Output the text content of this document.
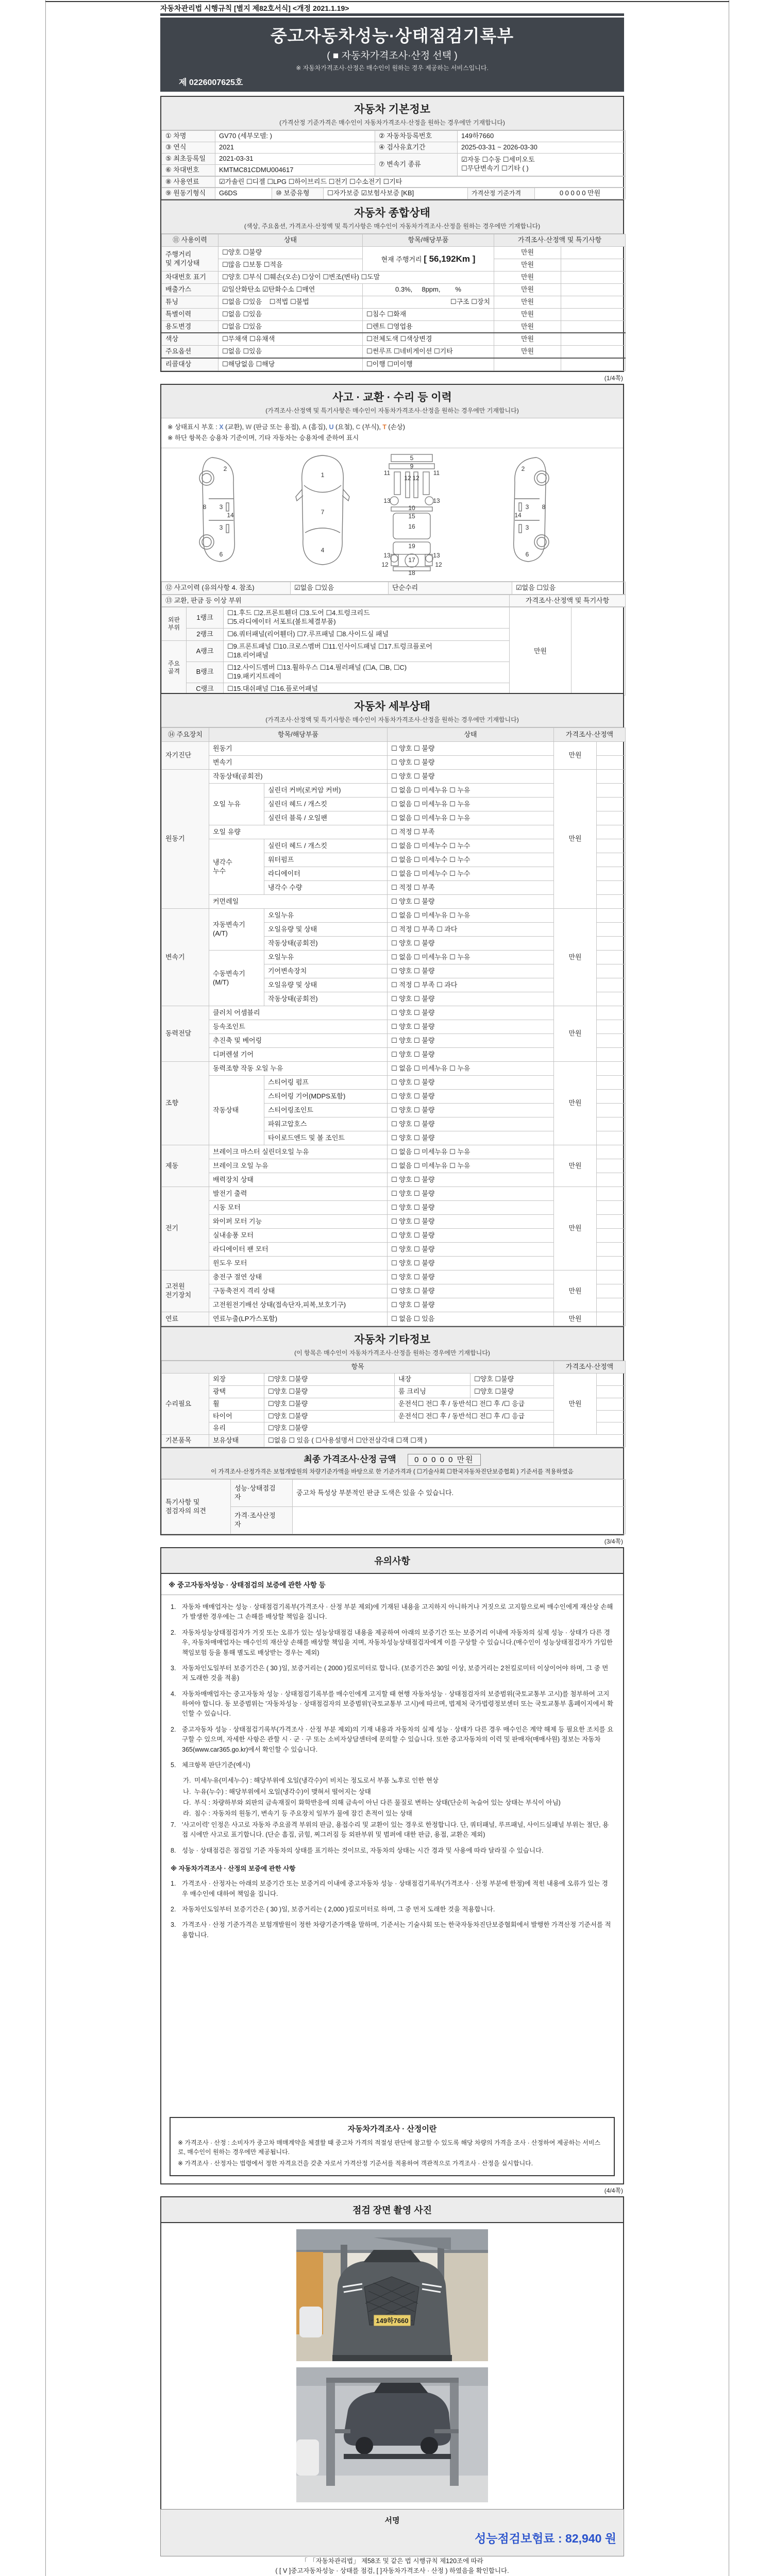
자동차관리법 시행규칙 [별지 제82호서식] <개정 2021.1.19>
중고자동차성능·상태점검기록부
( ■ 자동차가격조사·산정 선택 )
※ 자동차가격조사·산정은 매수인이 원하는 경우 제공하는 서비스입니다.
제 0226007625호
자동차 기본정보
(가격산정 기준가격은 매수인이 자동차가격조사·산정을 원하는 경우에만 기재합니다)
① 차명	GV70 (세부모델: )	② 자동차등록번호	149하7660
③ 연식	2021	④ 검사유효기간	2025-03-31 ~ 2026-03-30
⑤ 최초등록일	2021-03-31	⑦ 변속기 종류	☑자동 ☐수동 ☐세미오토
☐무단변속기 ☐기타 ( )
⑥ 차대번호	KMTMC81CDMU004617		
⑧ 사용연료	☑가솔린 ☐디젤 ☐LPG ☐하이브리드 ☐전기 ☐수소전기 ☐기타
⑨ 원동기형식	G6DS	⑩ 보증유형	☐자가보증 ☑보험사보증 [KB]	가격산정 기준가격	0 0 0 0 0 만원
자동차 종합상태
(색상, 주요옵션, 가격조사·산정액 및 특기사항은 매수인이 자동차가격조사·산정을 원하는 경우에만 기재합니다)
⑪ 사용이력	상태	항목/해당부품	가격조사·산정액 및 특기사항	
주행거리
및 계기상태	☐양호 ☐불량	현재 주행거리 [ 56,192Km ]	만원	
	☐많음 ☐보통 ☐적음		만원	
차대번호 표기	☐양호 ☐부식 ☐훼손(오손) ☐상이 ☐변조(변타) ☐도말		만원	
배출가스	☑일산화탄소 ☑탄화수소 ☐매연	0.3%,     8ppm,        %	만원	
튜닝	☐없음 ☐있음    ☐적법 ☐불법	☐구조 ☐장치	만원	
특별이력	☐없음 ☐있음	☐침수 ☐화재	만원	
용도변경	☐없음 ☐있음	☐렌트 ☐영업용	만원	
색상	☐무채색 ☐유채색	☐전체도색 ☐색상변경	만원	
주요옵션	☐없음 ☐있음	☐썬루프 ☐네비게이션 ☐기타	만원	
리콜대상	☐해당없음 ☐해당	☐이행 ☐미이행		
(1/4쪽)
사고 · 교환 · 수리 등 이력
(가격조사·산정액 및 특기사항은 매수인이 자동차가격조사·산정을 원하는 경우에만 기재합니다)
※ 상태표시 부호 : X (교환), W (판금 또는 용접), A (흠집), U (요철), C (부식), T (손상)
※ 하단 항목은 승용차 기준이며, 기타 자동차는 승용차에 준하여 표시
2
8 3
14
3
6
1
7
4
5
9
11	11
12 12
13	13
10
15
16
13	13
19
17
12	12
18
2
8
3
14
3
6
⑫ 사고이력 (유의사항 4. 참조)	☑없음 ☐있음	단순수리	☑없음 ☐있음
⑬ 교환, 판금 등 이상 부위	가격조사·산정액 및 특기사항
외판
부위	1랭크	☐1.후드 ☐2.프론트휀더 ☐3.도어 ☐4.트렁크리드
☐5.라디에이터 서포트(볼트체결부품)	만원	
	2랭크	☐6.쿼터패널(리어휀더) ☐7.루프패널 ☐8.사이드실 패널		
주요
골격	A랭크	☐9.프론트패널 ☐10.크로스멤버 ☐11.인사이드패널 ☐17.트렁크플로어
☐18.리어패널		
	B랭크	☐12.사이드멤버 ☐13.휠하우스 ☐14.필러패널 (☐A, ☐B, ☐C)
☐19.패키지트레이		
	C랭크	☐15.대쉬패널 ☐16.플로어패널		
자동차 세부상태
(가격조사·산정액 및 특기사항은 매수인이 자동차가격조사·산정을 원하는 경우에만 기재합니다)
⑭ 주요장치	항목/해당부품		상태	가격조사·산정액	
자기진단	원동기		☐ 양호 ☐ 불량	만원	
	변속기		☐ 양호 ☐ 불량		
원동기	작동상태(공회전)		☐ 양호 ☐ 불량	만원	
	오일 누유	실린더 커버(로커암 커버)	☐ 없음 ☐ 미세누유 ☐ 누유		
		실린더 헤드 / 개스킷	☐ 없음 ☐ 미세누유 ☐ 누유		
		실린더 블록 / 오일팬	☐ 없음 ☐ 미세누유 ☐ 누유		
	오일 유량		☐ 적정 ☐ 부족		
	냉각수
누수	실린더 헤드 / 개스킷	☐ 없음 ☐ 미세누수 ☐ 누수		
		워터펌프	☐ 없음 ☐ 미세누수 ☐ 누수		
		라디에이터	☐ 없음 ☐ 미세누수 ☐ 누수		
		냉각수 수량	☐ 적정 ☐ 부족		
	커먼레일		☐ 양호 ☐ 불량		
변속기	자동변속기
(A/T)	오일누유	☐ 없음 ☐ 미세누유 ☐ 누유	만원	
		오일유량 및 상태	☐ 적정 ☐ 부족 ☐ 과다		
		작동상태(공회전)	☐ 양호 ☐ 불량		
	수동변속기
(M/T)	오일누유	☐ 없음 ☐ 미세누유 ☐ 누유		
		기어변속장치	☐ 양호 ☐ 불량		
		오일유량 및 상태	☐ 적정 ☐ 부족 ☐ 과다		
		작동상태(공회전)	☐ 양호 ☐ 불량		
동력전달	클러치 어셈블리		☐ 양호 ☐ 불량	만원	
	등속조인트		☐ 양호 ☐ 불량		
	추진축 및 베어링		☐ 양호 ☐ 불량		
	디퍼렌셜 기어		☐ 양호 ☐ 불량		
조향	동력조향 작동 오일 누유		☐ 없음 ☐ 미세누유 ☐ 누유	만원	
	작동상태	스티어링 펌프	☐ 양호 ☐ 불량		
		스티어링 기어(MDPS포함)	☐ 양호 ☐ 불량		
		스티어링조인트	☐ 양호 ☐ 불량		
		파워고압호스	☐ 양호 ☐ 불량		
		타이로드엔드 및 볼 조인트	☐ 양호 ☐ 불량		
제동	브레이크 마스터 실린더오일 누유		☐ 없음 ☐ 미세누유 ☐ 누유	만원	
	브레이크 오일 누유		☐ 없음 ☐ 미세누유 ☐ 누유		
	배력장치 상태		☐ 양호 ☐ 불량		
전기	발전기 출력		☐ 양호 ☐ 불량	만원	
	시동 모터		☐ 양호 ☐ 불량		
	와이퍼 모터 기능		☐ 양호 ☐ 불량		
	실내송풍 모터		☐ 양호 ☐ 불량		
	라디에이터 팬 모터		☐ 양호 ☐ 불량		
	윈도우 모터		☐ 양호 ☐ 불량		
고전원
전기장치	충전구 절연 상태		☐ 양호 ☐ 불량	만원	
	구동축전지 격리 상태		☐ 양호 ☐ 불량		
	고전원전기배선 상태(접속단자,피복,보호기구)		☐ 양호 ☐ 불량		
연료	연료누출(LP가스포함)		☐ 없음 ☐ 있음	만원	
자동차 기타정보
(이 항목은 매수인이 자동차가격조사·산정을 원하는 경우에만 기재합니다)
항목					가격조사·산정액	
수리필요	외장	☐양호 ☐불량	내장	☐양호 ☐불량	만원	
	광택	☐양호 ☐불량	룸 크리닝	☐양호 ☐불량		
	휠	☐양호 ☐불량	운전석☐ 전☐ 후 / 동반석☐ 전☐ 후 /☐ 응급			
	타이어	☐양호 ☐불량	운전석☐ 전☐ 후 / 동반석☐ 전☐ 후 /☐ 응급			
	유리	☐양호 ☐불량				
기본품목	보유상태	☐없음 ☐ 있음 ( ☐사용설명서 ☐안전삼각대 ☐잭 ☐잭 )				
최종 가격조사·산정 금액 0 0 0 0 0 만원
이 가격조사·산정가격은 보험개발원의 차량기준가액을 바탕으로 한 기준가격과 ( ☐기술사회 ☐한국자동차진단보증협회 ) 기준서를 적용하였음
특기사항 및
점검자의 의견	성능·상태점검
자	중고차 특성상 부분적인 판금 도색은 있을 수 있습니다.
	가격·조사산정
자	
(3/4쪽)
유의사항
※ 중고자동차성능 · 상태점검의 보증에 관한 사항 등
1. 자동차 매매업자는 성능 · 상태점검기록부(가격조사 · 산정 부분 제외)에 기재된 내용을 고지하지 아니하거나 거짓으로 고지함으로써 매수인에게 재산상 손해가 발생한 경우에는 그 손해를 배상할 책임을 집니다.
2. 자동차성능상태점검자가 거짓 또는 오류가 있는 성능상태점검 내용을 제공하여 아래의 보증기간 또는 보증거리 이내에 자동차의 실제 성능 · 상태가 다른 경우, 자동차매매업자는 매수인의 재산상 손해를 배상할 책임을 지며, 자동차성능상태점검자에게 이를 구상할 수 있습니다.(매수인이 성능상태점검자가 가입한 책임보험 등을 통해 별도로 배상받는 경우는 제외)
3. 자동차인도일부터 보증기간은 ( 30 )일, 보증거리는 ( 2000 )킬로미터로 합니다. (보증기간은 30일 이상, 보증거리는 2천킬로미터 이상이어야 하며, 그 중 먼저 도래한 것을 적용)
4. 자동차매매업자는 중고자동차 성능 · 상태점검기록부를 매수인에게 고지할 때 현행 자동차성능 · 상태점검자의 보증범위(국토교통부 고시)를 첨부하여 고지하여야 합니다. 동 보증범위는 '자동차성능 · 상태점검자의 보증범위'(국토교통부 고시)에 따르며, 법제처 국가법령정보센터 또는 국토교통부 홈페이지에서 확인할 수 있습니다.
2. 중고자동차 성능 · 상태점검기록부(가격조사 · 산정 부분 제외)의 기재 내용과 자동차의 실제 성능 · 상태가 다른 경우 매수인은 계약 해제 등 필요한 조치를 요구할 수 있으며, 자세한 사항은 관할 시 · 군 · 구 또는 소비자상담센터에 문의할 수 있습니다. 또한 중고자동차의 이력 및 판매자(매매사원) 정보는 자동차365(www.car365.go.kr)에서 확인할 수 있습니다.
5. 체크항목 판단기준(예시)
가. 미세누유(미세누수) : 해당부위에 오일(냉각수)이 비치는 정도로서 부품 노후로 인한 현상
나. 누유(누수) : 해당부위에서 오일(냉각수)이 맺혀서 떨어지는 상태
다. 부식 : 차량하부와 외판의 금속재질이 화학반응에 의해 금속이 아닌 다른 물질로 변하는 상태(단순히 녹슬어 있는 상태는 부식이 아님)
라. 침수 : 자동차의 원동기, 변속기 등 주요장치 일부가 물에 잠긴 흔적이 있는 상태
7. '사고이력' 인정은 사고로 자동차 주요골격 부위의 판금, 용접수리 및 교환이 있는 경우로 한정합니다. 단, 쿼터패널, 루프패널, 사이드실패널 부위는 절단, 용접 시에만 사고로 표기합니다. (단순 흠집, 긁힘, 찌그러짐 등 외판부위 및 범퍼에 대한 판금, 용접, 교환은 제외)
8. 성능 · 상태점검은 점검일 기준 자동차의 상태를 표기하는 것이므로, 자동차의 상태는 시간 경과 및 사용에 따라 달라질 수 있습니다.
※ 자동차가격조사 · 산정의 보증에 관한 사항
1. 가격조사 · 산정자는 아래의 보증기간 또는 보증거리 이내에 중고자동차 성능 · 상태점검기록부(가격조사 · 산정 부분에 한정)에 적힌 내용에 오류가 있는 경우 매수인에 대하여 책임을 집니다.
2. 자동차인도일부터 보증기간은 ( 30 )일, 보증거리는 ( 2,000 )킬로미터로 하며, 그 중 먼저 도래한 것을 적용합니다.
3. 가격조사 · 산정 기준가격은 보험개발원이 정한 차량기준가액을 말하며, 기준서는 기술사회 또는 한국자동차진단보증협회에서 발행한 가격산정 기준서를 적용합니다.
자동차가격조사 · 산정이란
※ 가격조사 · 산정 : 소비자가 중고차 매매계약을 체결할 때 중고차 가격의 적절성 판단에 참고할 수 있도록 해당 차량의 가격을 조사 · 산정하여 제공하는 서비스로, 매수인이 원하는 경우에만 제공됩니다.
※ 가격조사 · 산정자는 법령에서 정한 자격요건을 갖춘 자로서 가격산정 기준서를 적용하여 객관적으로 가격조사 · 산정을 실시합니다.
(4/4쪽)
점검 장면 촬영 사진
149하7660
서명
성능점검보험료 : 82,940 원
「 「자동차관리법」 제58조 및 같은 법 시행규칙 제120조에 따라
( [ V ]중고자동차성능 · 상태를 점검, [ ]자동차가격조사 · 산정 ) 하였음을 확인합니다.
